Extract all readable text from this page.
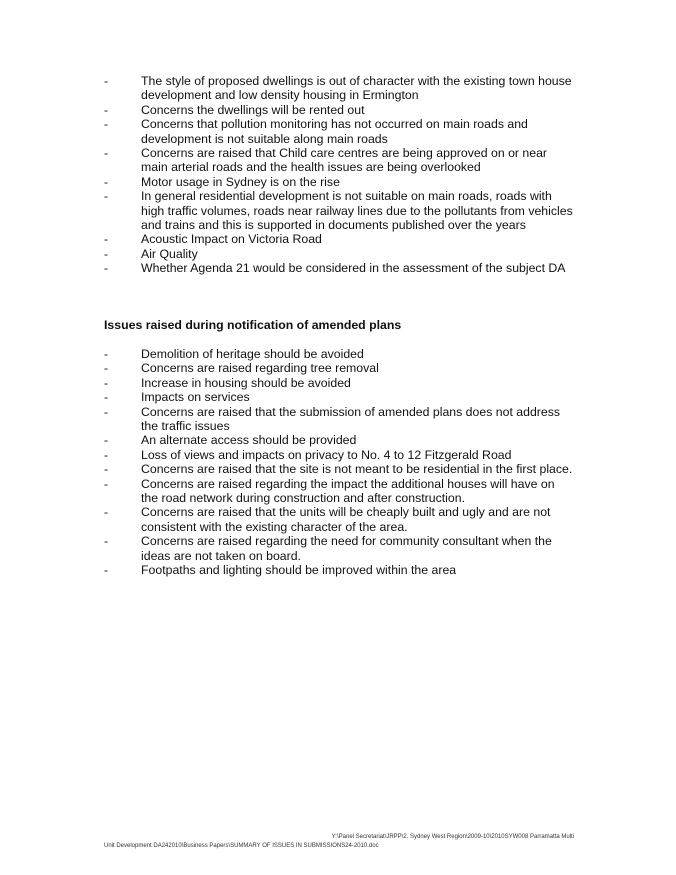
-	The style of proposed dwellings is out of character with the existing town house development and low density housing in Ermington
-	Concerns the dwellings will be rented out
-	Concerns that pollution monitoring has not occurred on main roads and development is not suitable along main roads
-	Concerns are raised that Child care centres are being approved on or near main arterial roads and the health issues are being overlooked
-	Motor usage in Sydney is on the rise
-	In general residential development is not suitable on main roads, roads with high traffic volumes, roads near railway lines due to the pollutants from vehicles and trains and this is supported in documents published over the years
-	Acoustic Impact on Victoria Road
-	Air Quality
-	Whether Agenda 21 would be considered in the assessment of the subject DA

Issues raised during notification of amended plans

-	Demolition of heritage should be avoided
-	Concerns are raised regarding tree removal
-	Increase in housing should be avoided
-	Impacts on services
-	Concerns are raised that the submission of amended plans does not address the traffic issues
-	An alternate access should be provided
-	Loss of views and impacts on privacy to No. 4 to 12 Fitzgerald Road
-	Concerns are raised that the site is not meant to be residential in the first place.
-	Concerns are raised regarding the impact the additional houses will have on the road network during construction and after construction.
-	Concerns are raised that the units will be cheaply built and ugly and are not consistent with the existing character of the area.
-	Concerns are raised regarding the need for community consultant when the ideas are not taken on board.
-	Footpaths and lighting should be improved within the area
Y:\Panel Secretariat\JRPP\2. Sydney West Region\2009-10\2010SYW008 Parramatta Multi
Unit Development DA242010\Business Papers\SUMMARY OF ISSUES IN SUBMISSIONS24-2010.doc
